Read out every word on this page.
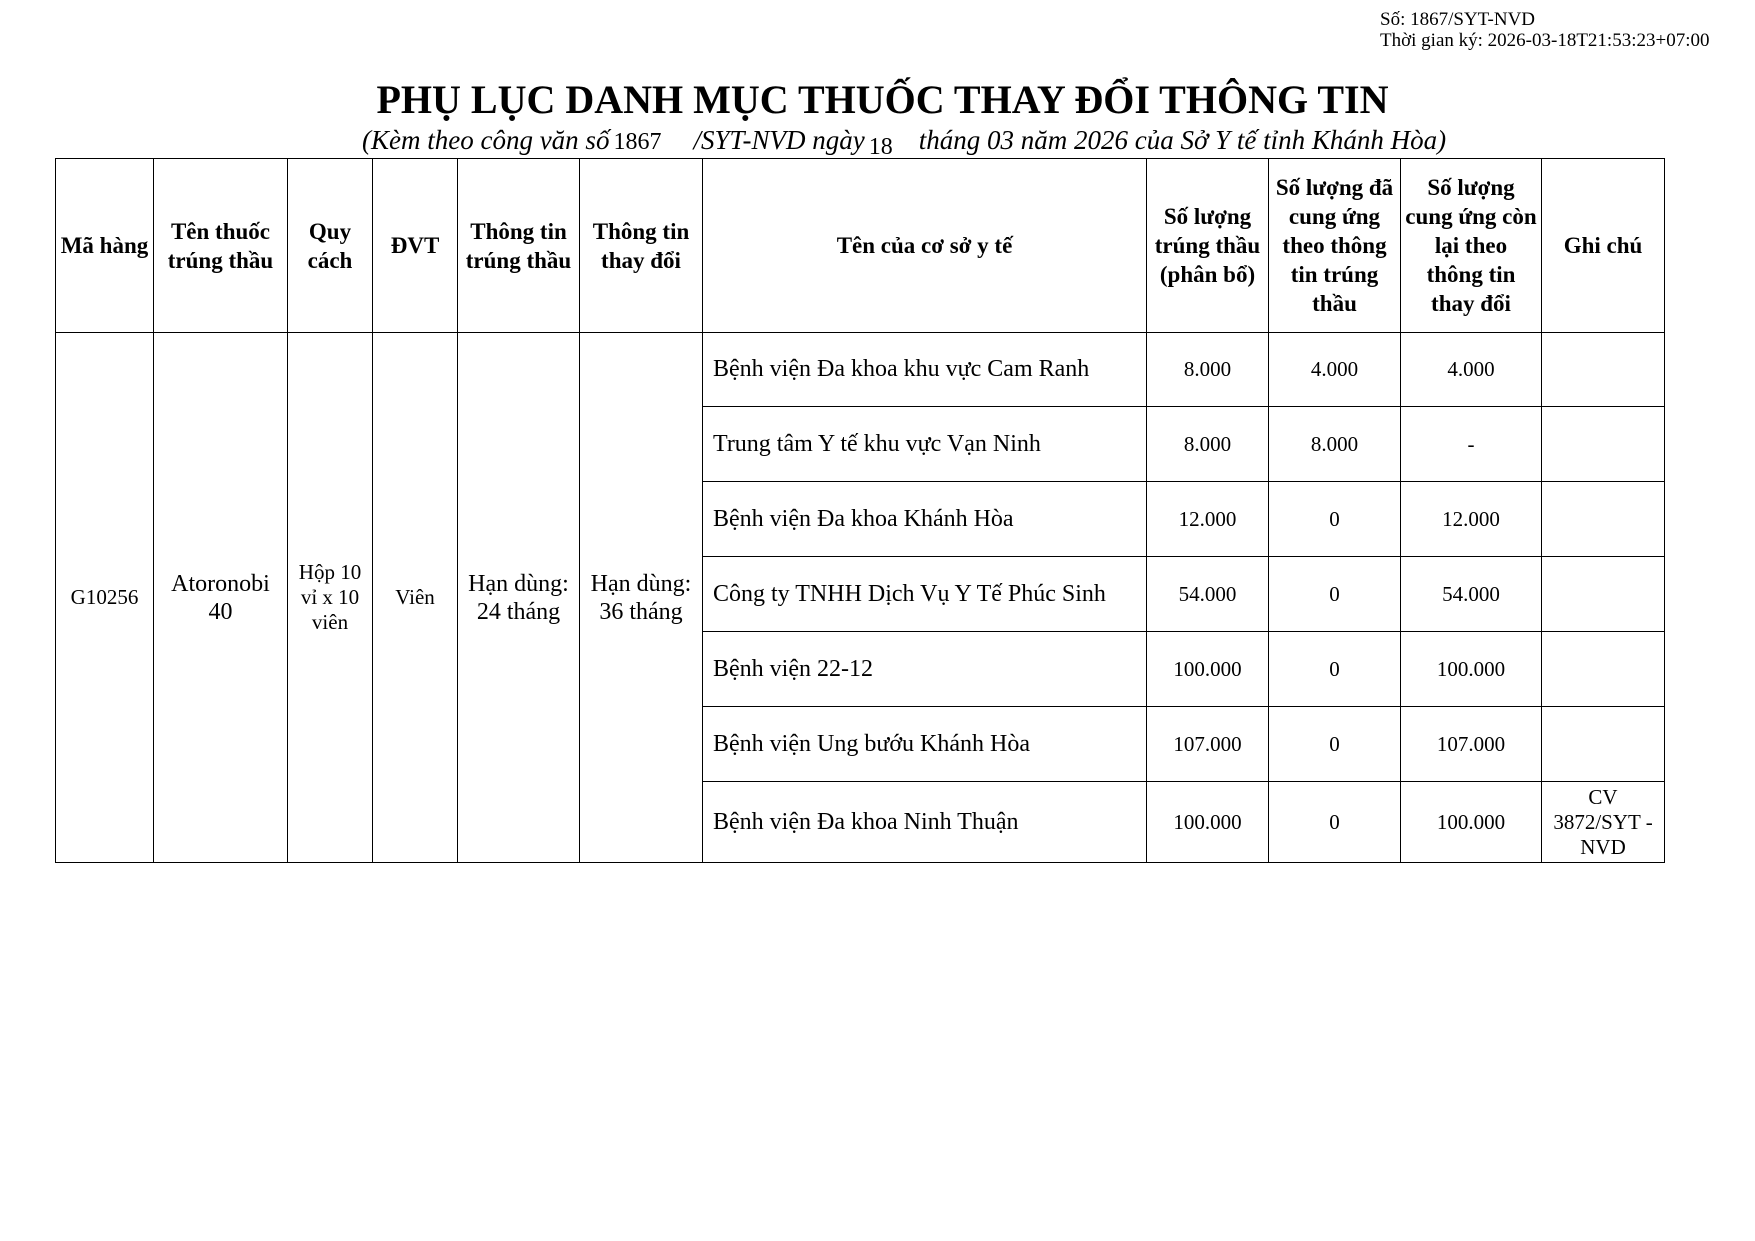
Số: 1867/SYT-NVD
Thời gian ký: 2026-03-18T21:53:23+07:00
PHỤ LỤC DANH MỤC THUỐC THAY ĐỔI THÔNG TIN
(Kèm theo công văn số 1867 /SYT-NVD ngày 18 tháng 03 năm 2026 của Sở Y tế tỉnh Khánh Hòa)
Mã hàng	Tên thuốc trúng thầu	Quy cách	ĐVT	Thông tin trúng thầu	Thông tin thay đổi	Tên của cơ sở y tế	Số lượng trúng thầu (phân bổ)	Số lượng đã cung ứng theo thông tin trúng thầu	Số lượng cung ứng còn lại theo thông tin thay đổi	Ghi chú
G10256	Atoronobi 40	Hộp 10 vỉ x 10 viên	Viên	Hạn dùng: 24 tháng	Hạn dùng: 36 tháng	Bệnh viện Đa khoa khu vực Cam Ranh	8.000	4.000	4.000	
						Trung tâm Y tế khu vực Vạn Ninh	8.000	8.000	-	
						Bệnh viện Đa khoa Khánh Hòa	12.000	0	12.000	
						Công ty TNHH Dịch Vụ Y Tế Phúc Sinh	54.000	0	54.000	
						Bệnh viện 22-12	100.000	0	100.000	
						Bệnh viện Ung bướu Khánh Hòa	107.000	0	107.000	
						Bệnh viện Đa khoa Ninh Thuận	100.000	0	100.000	CV 3872/SYT -NVD
